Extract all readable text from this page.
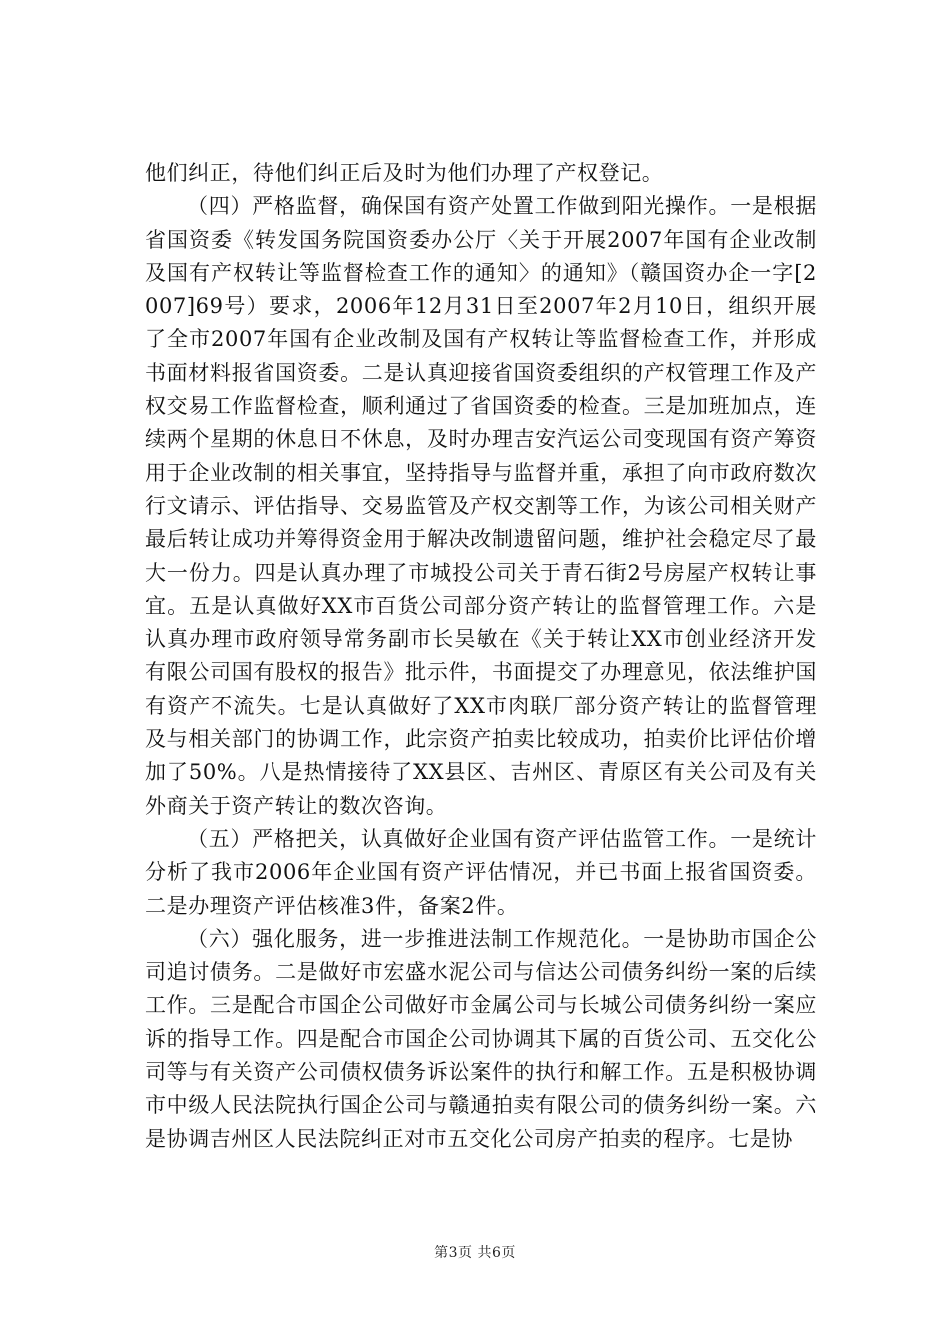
他们纠正，待他们纠正后及时为他们办理了产权登记。

（四）严格监督，确保国有资产处置工作做到阳光操作。一是根据省国资委《转发国务院国资委办公厅〈关于开展2007年国有企业改制及国有产权转让等监督检查工作的通知〉的通知》（赣国资办企一字[2007]69号）要求，2006年12月31日至2007年2月10日，组织开展了全市2007年国有企业改制及国有产权转让等监督检查工作，并形成书面材料报省国资委。二是认真迎接省国资委组织的产权管理工作及产权交易工作监督检查，顺利通过了省国资委的检查。三是加班加点，连续两个星期的休息日不休息，及时办理吉安汽运公司变现国有资产筹资用于企业改制的相关事宜，坚持指导与监督并重，承担了向市政府数次行文请示、评估指导、交易监管及产权交割等工作，为该公司相关财产最后转让成功并筹得资金用于解决改制遗留问题，维护社会稳定尽了最大一份力。四是认真办理了市城投公司关于青石街2号房屋产权转让事宜。五是认真做好XX市百货公司部分资产转让的监督管理工作。六是认真办理市政府领导常务副市长吴敏在《关于转让XX市创业经济开发有限公司国有股权的报告》批示件，书面提交了办理意见，依法维护国有资产不流失。七是认真做好了XX市肉联厂部分资产转让的监督管理及与相关部门的协调工作，此宗资产拍卖比较成功，拍卖价比评估价增加了50%。八是热情接待了XX县区、吉州区、青原区有关公司及有关外商关于资产转让的数次咨询。

（五）严格把关，认真做好企业国有资产评估监管工作。一是统计分析了我市2006年企业国有资产评估情况，并已书面上报省国资委。二是办理资产评估核准3件，备案2件。

（六）强化服务，进一步推进法制工作规范化。一是协助市国企公司追讨债务。二是做好市宏盛水泥公司与信达公司债务纠纷一案的后续工作。三是配合市国企公司做好市金属公司与长城公司债务纠纷一案应诉的指导工作。四是配合市国企公司协调其下属的百货公司、五交化公司等与有关资产公司债权债务诉讼案件的执行和解工作。五是积极协调市中级人民法院执行国企公司与赣通拍卖有限公司的债务纠纷一案。六是协调吉州区人民法院纠正对市五交化公司房产拍卖的程序。七是协

第3页 共6页
